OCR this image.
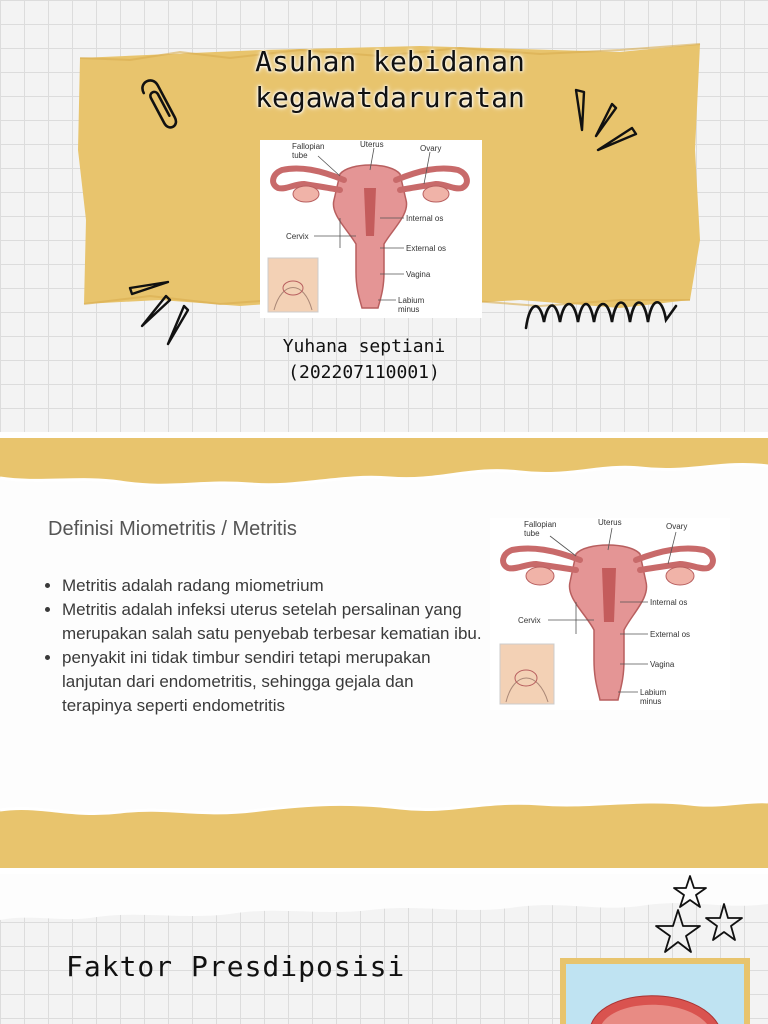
Asuhan kebidanan
kegawatdaruratan
Fallopian tube
Uterus	Ovary
Internal os
Cervix
External os
Vagina
Labium minus
Yuhana septiani
(202207110001)
Definisi Miometritis / Metritis
• Metritis adalah radang miometrium
• Metritis adalah infeksi uterus setelah persalinan yang merupakan salah satu penyebab terbesar kematian ibu.
• penyakit ini tidak timbur sendiri tetapi merupakan lanjutan dari endometritis, sehingga gejala dan terapinya seperti endometritis
Fallopian tube
Uterus	Ovary
Internal os
Cervix
External os
Vagina
Labium minus
Faktor Presdiposisi
